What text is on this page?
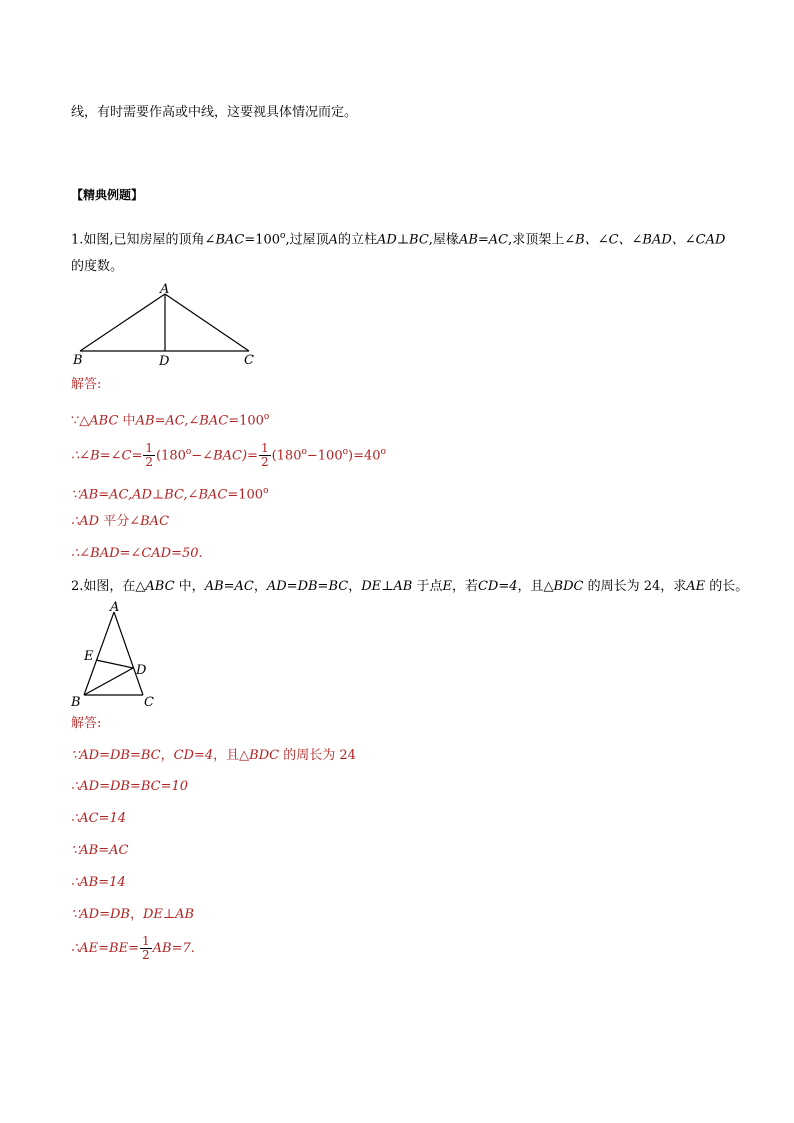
线，有时需要作高或中线，这要视具体情况而定。
【精典例题】
1.如图,已知房屋的顶角$\angle BAC=100^o$,过屋顶A的立柱AD⊥BC,屋椽AB=AC,求顶架上∠B、∠C、∠BAD、∠CAD
的度数。
A
B	D	C
解答:
∵△ABC 中$AB=AC,\angle BAC=100^o$
∴∠B=∠C= $\frac{1}{2}$ $(180^o-\angle BAC)= \frac{1}{2} (180^o-100^o)=40^o$
$\because AB=AC,AD\perp BC,\angle BAC=100^o$
∴AD 平分∠BAC
∴∠BAD=∠CAD=50.
2.如图，在△ABC 中，AB=AC，AD=DB=BC，DE⊥AB 于点E，若CD=4，且△BDC 的周长为 24，求AE 的长。
A
E
D
B	C
解答:
∵AD=DB=BC，CD=4，且△BDC 的周长为 24
∴AD=DB=BC=10
∴AC=14
∵AB=AC
∴AB=14
∵AD=DB，DE⊥AB
∴AE=BE= $\frac{1}{2} AB=7$.
